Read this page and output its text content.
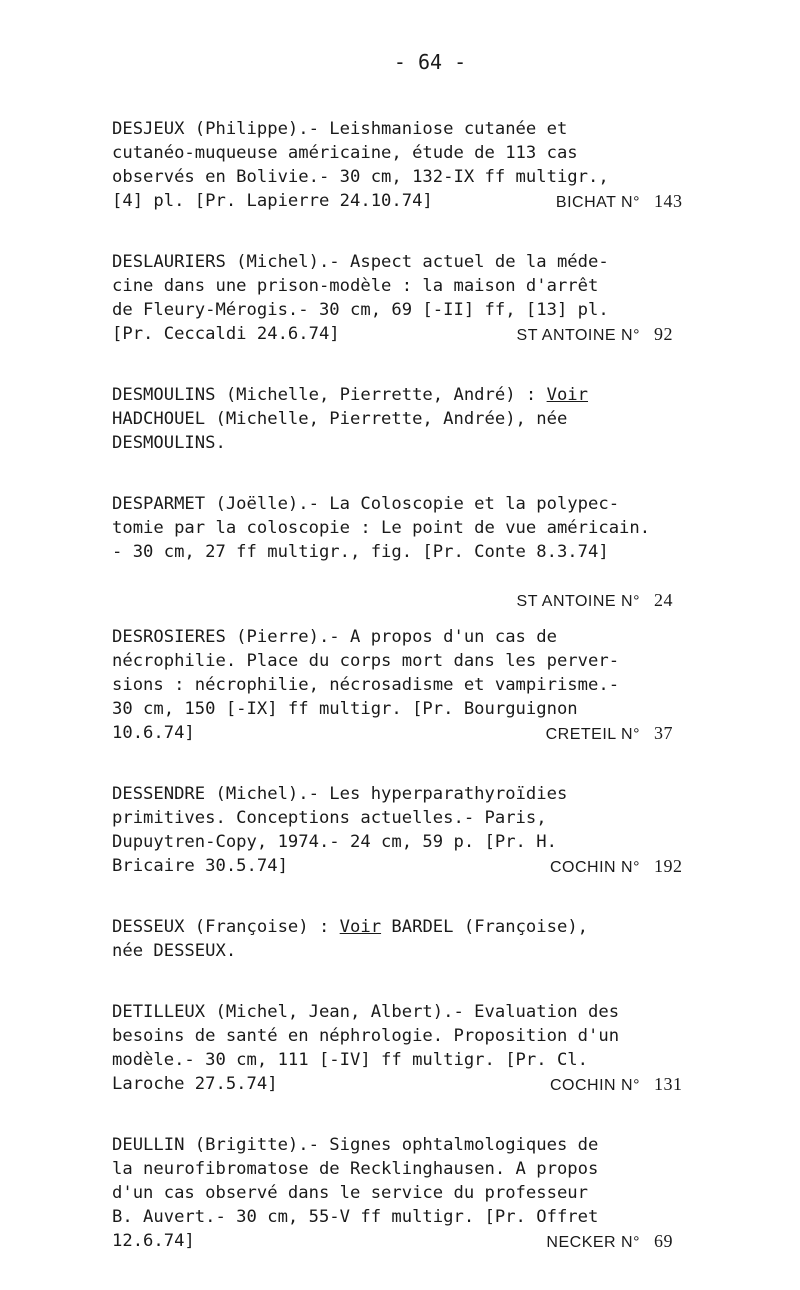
- 64 -
DESJEUX (Philippe).- Leishmaniose cutanée et
cutanéo-muqueuse américaine, étude de 113 cas
observés en Bolivie.- 30 cm, 132-IX ff multigr.,
[4] pl. [Pr. Lapierre 24.10.74]	BICHAT N° 143
DESLAURIERS (Michel).- Aspect actuel de la méde-
cine dans une prison-modèle : la maison d'arrêt
de Fleury-Mérogis.- 30 cm, 69 [-II] ff, [13] pl.
[Pr. Ceccaldi 24.6.74]	ST ANTOINE N° 92
DESMOULINS (Michelle, Pierrette, André) : Voir
HADCHOUEL (Michelle, Pierrette, Andrée), née
DESMOULINS.
DESPARMET (Joëlle).- La Coloscopie et la polypec-
tomie par la coloscopie : Le point de vue américain.
- 30 cm, 27 ff multigr., fig. [Pr. Conte 8.3.74]

ST ANTOINE N° 24

DESROSIERES (Pierre).- A propos d'un cas de
nécrophilie. Place du corps mort dans les perver-
sions : nécrophilie, nécrosadisme et vampirisme.-
30 cm, 150 [-IX] ff multigr. [Pr. Bourguignon
10.6.74]	CRETEIL N° 37
DESSENDRE (Michel).- Les hyperparathyroïdies
primitives. Conceptions actuelles.- Paris,
Dupuytren-Copy, 1974.- 24 cm, 59 p. [Pr. H.
Bricaire 30.5.74]	COCHIN N° 192
DESSEUX (Françoise) : Voir BARDEL (Françoise),
née DESSEUX.
DETILLEUX (Michel, Jean, Albert).- Evaluation des
besoins de santé en néphrologie. Proposition d'un
modèle.- 30 cm, 111 [-IV] ff multigr. [Pr. Cl.
Laroche 27.5.74]	COCHIN N° 131
DEULLIN (Brigitte).- Signes ophtalmologiques de
la neurofibromatose de Recklinghausen. A propos
d'un cas observé dans le service du professeur
B. Auvert.- 30 cm, 55-V ff multigr. [Pr. Offret
12.6.74]	NECKER N° 69
